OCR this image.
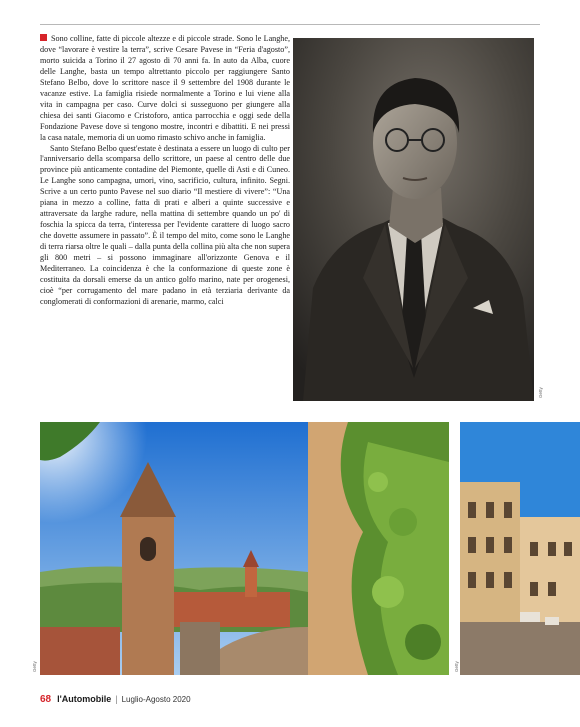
Sono colline, fatte di piccole altezze e di piccole strade. Sono le Langhe, dove “lavorare è vestire la terra”, scrive Cesare Pavese in “Feria d'agosto”, morto suicida a Torino il 27 agosto di 70 anni fa. In auto da Alba, cuore delle Langhe, basta un tempo altrettanto piccolo per raggiungere Santo Stefano Belbo, dove lo scrittore nasce il 9 settembre del 1908 durante le vacanze estive. La famiglia risiede normalmente a Torino e lui viene alla vita in campagna per caso. Curve dolci si susseguono per giungere alla chiesa dei santi Giacomo e Cristoforo, antica parrocchia e oggi sede della Fondazione Pavese dove si tengono mostre, incontri e dibattiti. E nei pressi la casa natale, memoria di un uomo rimasto schivo anche in famiglia.

Santo Stefano Belbo quest'estate è destinata a essere un luogo di culto per l'anniversario della scomparsa dello scrittore, un paese al centro delle due province più anticamente contadine del Piemonte, quelle di Asti e di Cuneo. Le Langhe sono campagna, umori, vino, sacrificio, cultura, infinito. Segni. Scrive a un certo punto Pavese nel suo diario “Il mestiere di vivere”: “Una piana in mezzo a colline, fatta di prati e alberi a quinte successive e attraversate da larghe radure, nella mattina di settembre quando un po' di foschia la spicca da terra, t'interessa per l'evidente carattere di luogo sacro che dovette assumere in passato”. È il tempo del mito, come sono le Langhe di terra riarsa oltre le quali – dalla punta della collina più alta che non supera gli 800 metri – si possono immaginare all'orizzonte Genova e il Mediterraneo. La coincidenza è che la conformazione di queste zone è costituita da dorsali emerse da un antico golfo marino, nate per orogenesi, cioè “per corrugamento del mare padano in età terziaria derivante da conglomerati di conformazioni di arenarie, marmo, calci

Getty
Getty	Getty
68 l'Automobile | Luglio-Agosto 2020
